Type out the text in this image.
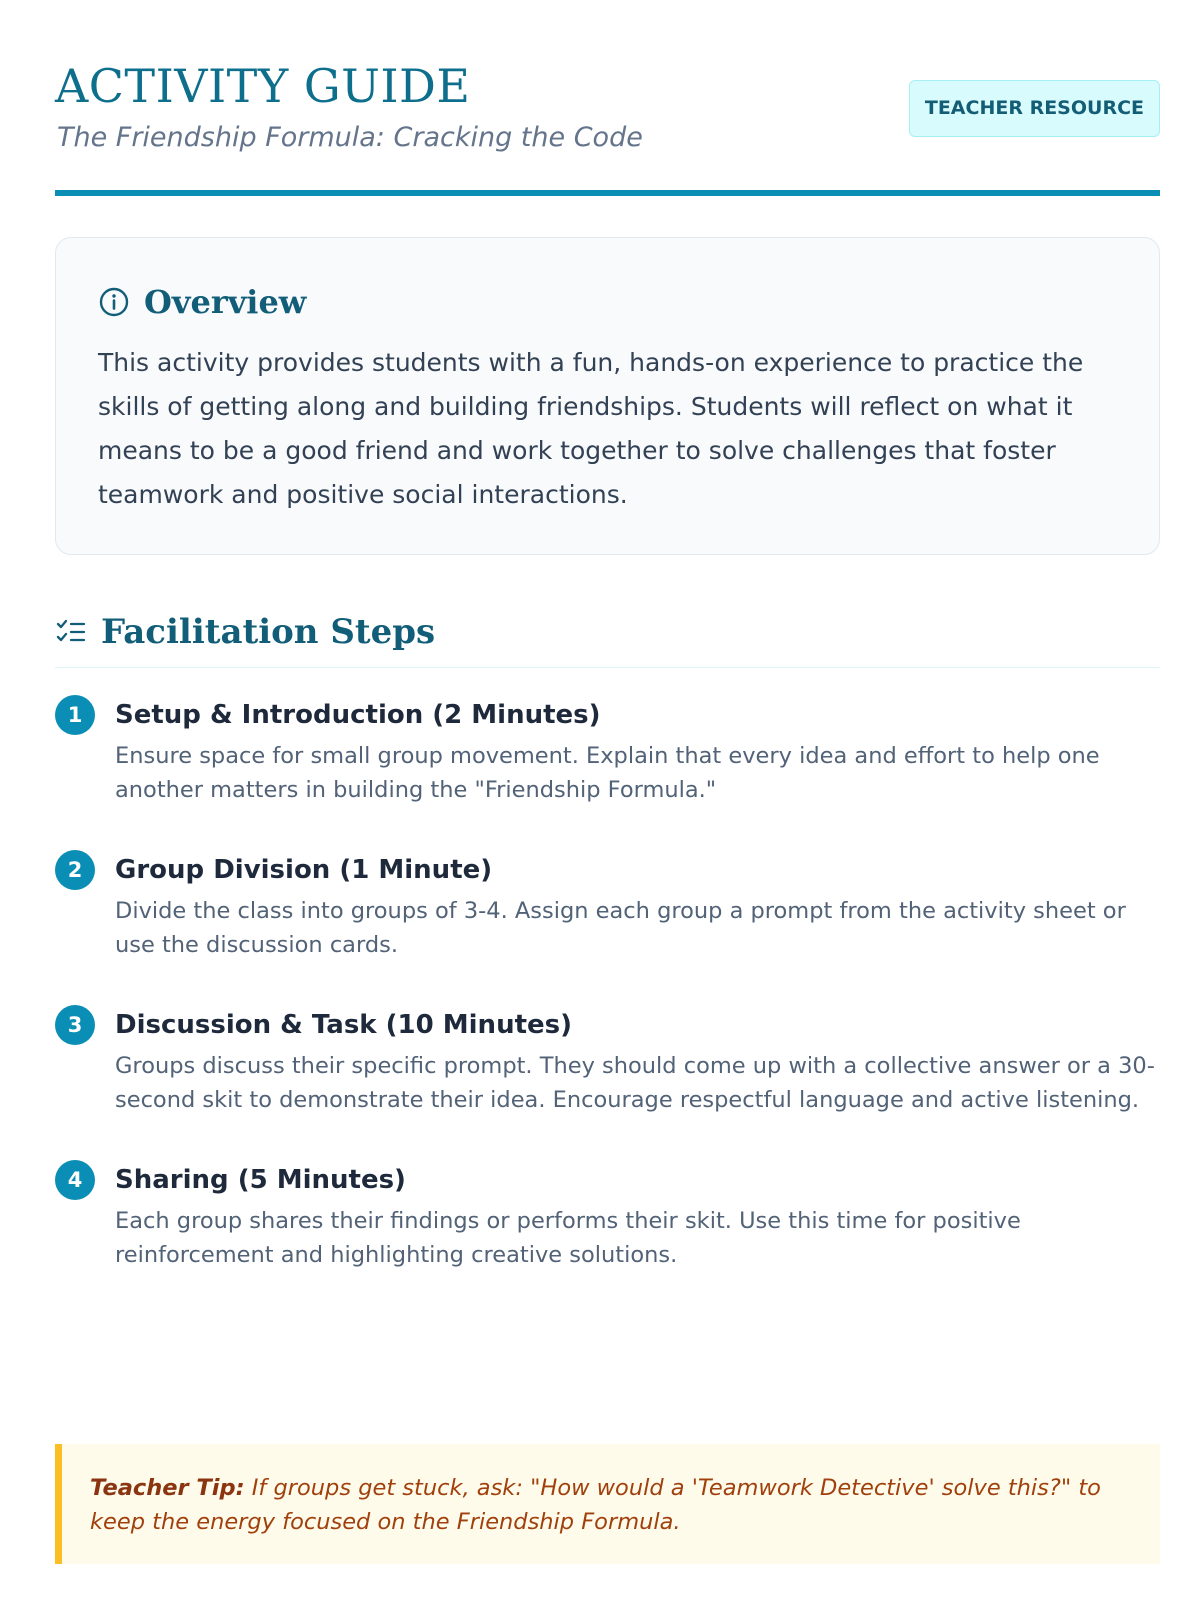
ACTIVITY GUIDE
The Friendship Formula: Cracking the Code
TEACHER RESOURCE
Overview

This activity provides students with a fun, hands-on experience to practice the skills of getting along and building friendships. Students will reflect on what it means to be a good friend and work together to solve challenges that foster teamwork and positive social interactions.

Facilitation Steps
1	Setup & Introduction (2 Minutes)

Ensure space for small group movement. Explain that every idea and effort to help one another matters in building the "Friendship Formula."

2	Group Division (1 Minute)

Divide the class into groups of 3-4. Assign each group a prompt from the activity sheet or use the discussion cards.

3	Discussion & Task (10 Minutes)

Groups discuss their specific prompt. They should come up with a collective answer or a 30-second skit to demonstrate their idea. Encourage respectful language and active listening.

4	Sharing (5 Minutes)

Each group shares their findings or performs their skit. Use this time for positive reinforcement and highlighting creative solutions.

Teacher Tip: If groups get stuck, ask: "How would a 'Teamwork Detective' solve this?" to keep the energy focused on the Friendship Formula.
